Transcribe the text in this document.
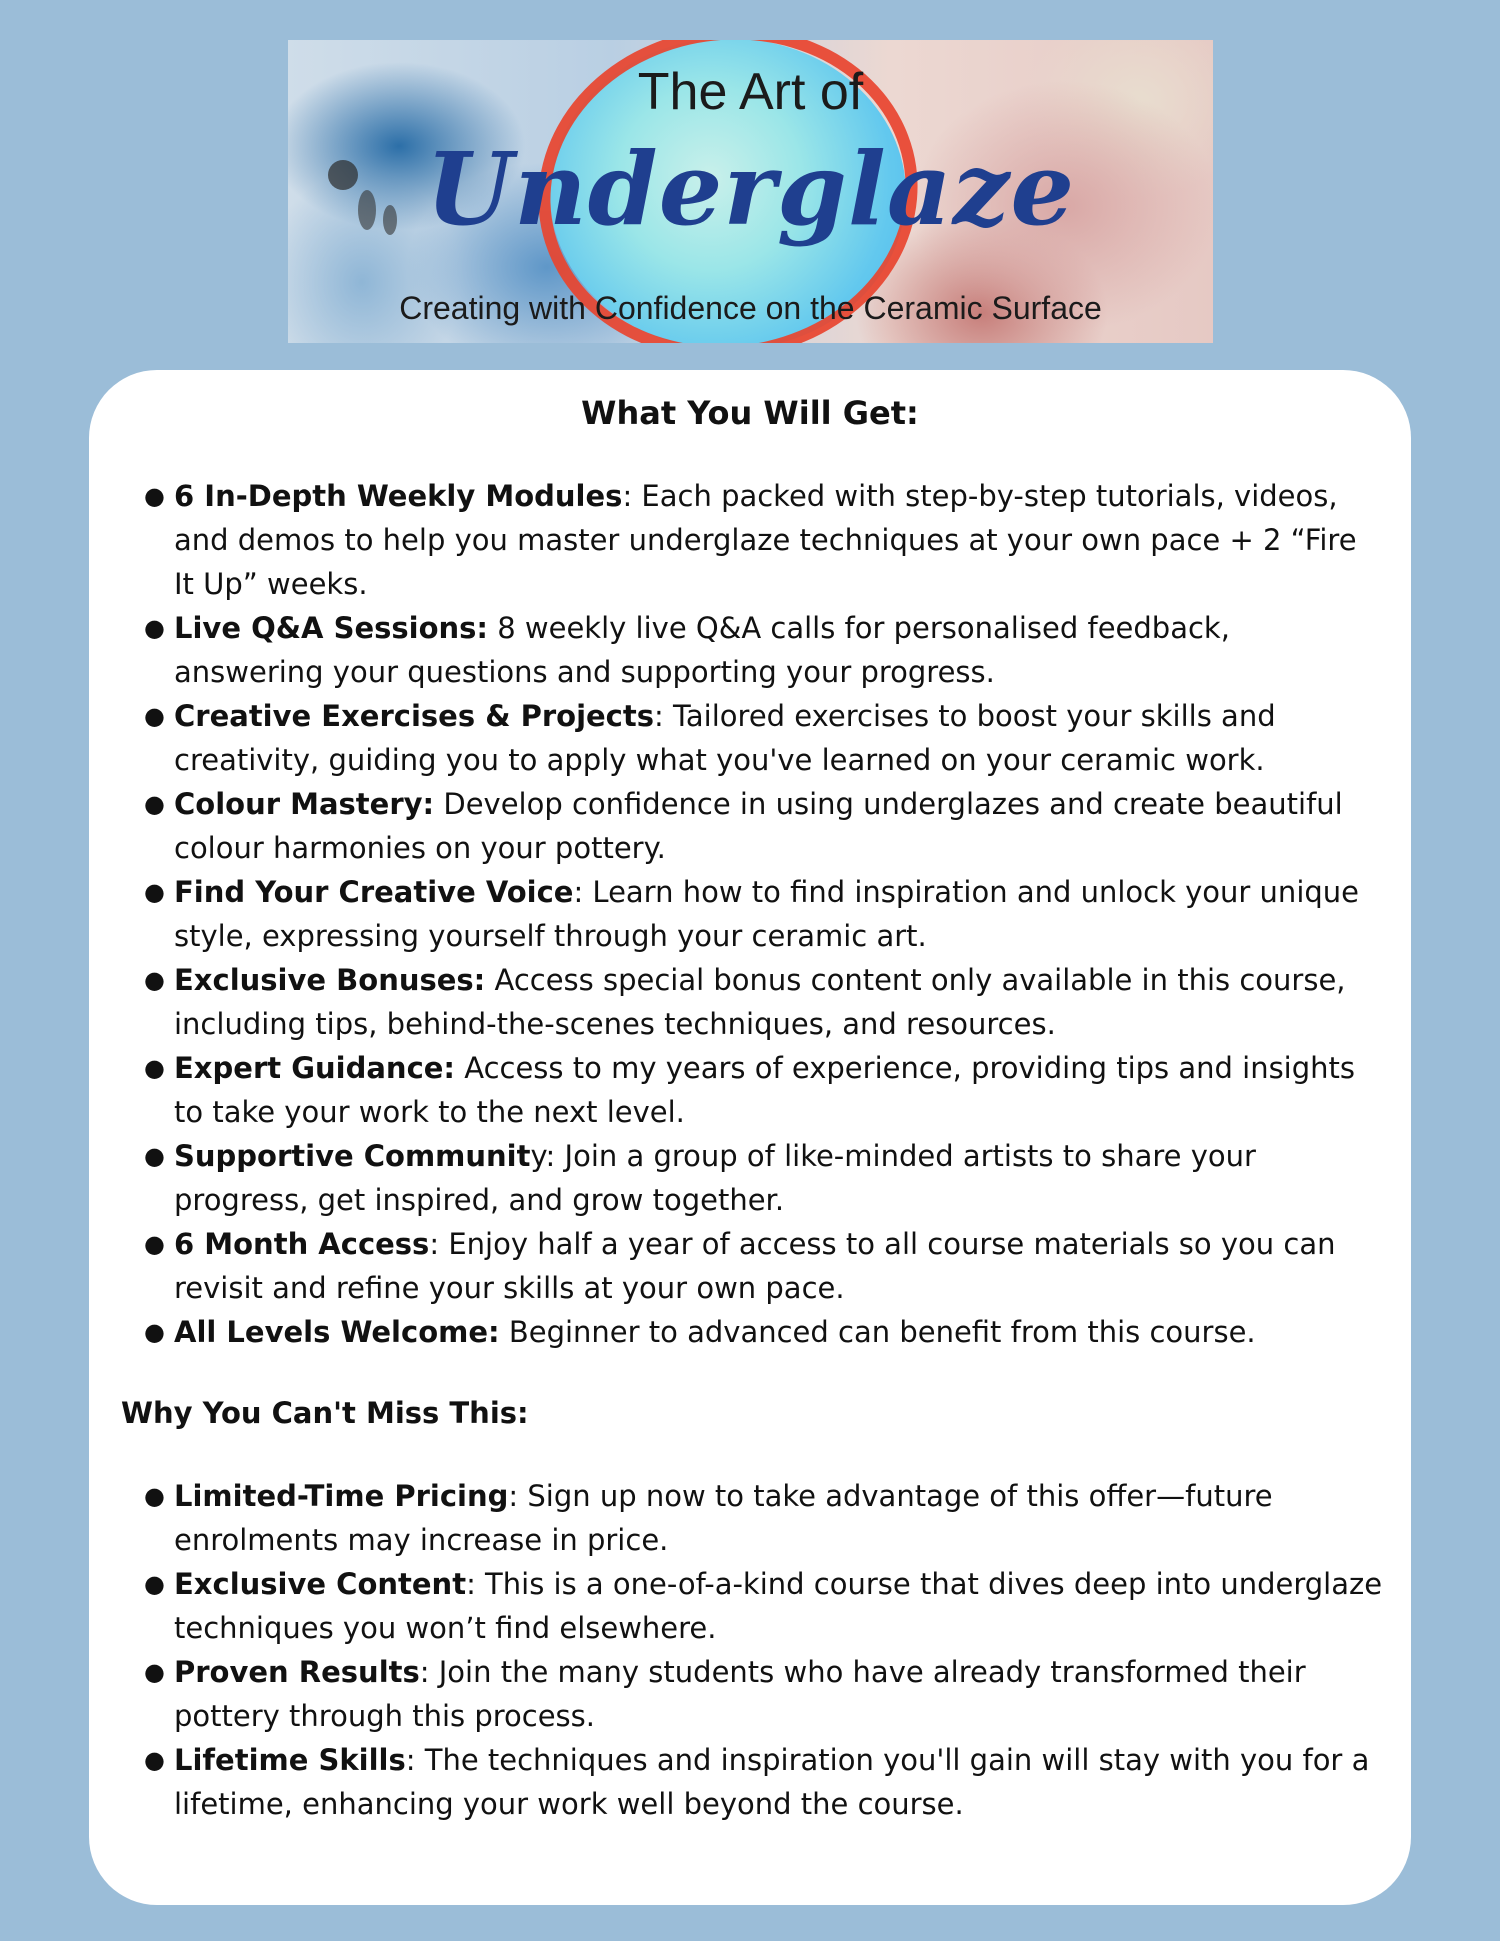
The Art of
Underglaze
Creating with Confidence on the Ceramic Surface
What You Will Get:
● 6 In-Depth Weekly Modules: Each packed with step-by-step tutorials, videos, and demos to help you master underglaze techniques at your own pace + 2 “Fire It Up” weeks.
● Live Q&A Sessions: 8 weekly live Q&A calls for personalised feedback, answering your questions and supporting your progress.
● Creative Exercises & Projects: Tailored exercises to boost your skills and creativity, guiding you to apply what you've learned on your ceramic work.
● Colour Mastery: Develop confidence in using underglazes and create beautiful colour harmonies on your pottery.
● Find Your Creative Voice: Learn how to find inspiration and unlock your unique style, expressing yourself through your ceramic art.
● Exclusive Bonuses: Access special bonus content only available in this course, including tips, behind-the-scenes techniques, and resources.
● Expert Guidance: Access to my years of experience, providing tips and insights to take your work to the next level.
● Supportive Community: Join a group of like-minded artists to share your progress, get inspired, and grow together.
● 6 Month Access: Enjoy half a year of access to all course materials so you can revisit and refine your skills at your own pace.
● All Levels Welcome: Beginner to advanced can benefit from this course.
Why You Can't Miss This:
● Limited-Time Pricing: Sign up now to take advantage of this offer—future enrolments may increase in price.
● Exclusive Content: This is a one-of-a-kind course that dives deep into underglaze techniques you won’t find elsewhere.
● Proven Results: Join the many students who have already transformed their pottery through this process.
● Lifetime Skills: The techniques and inspiration you'll gain will stay with you for a lifetime, enhancing your work well beyond the course.
